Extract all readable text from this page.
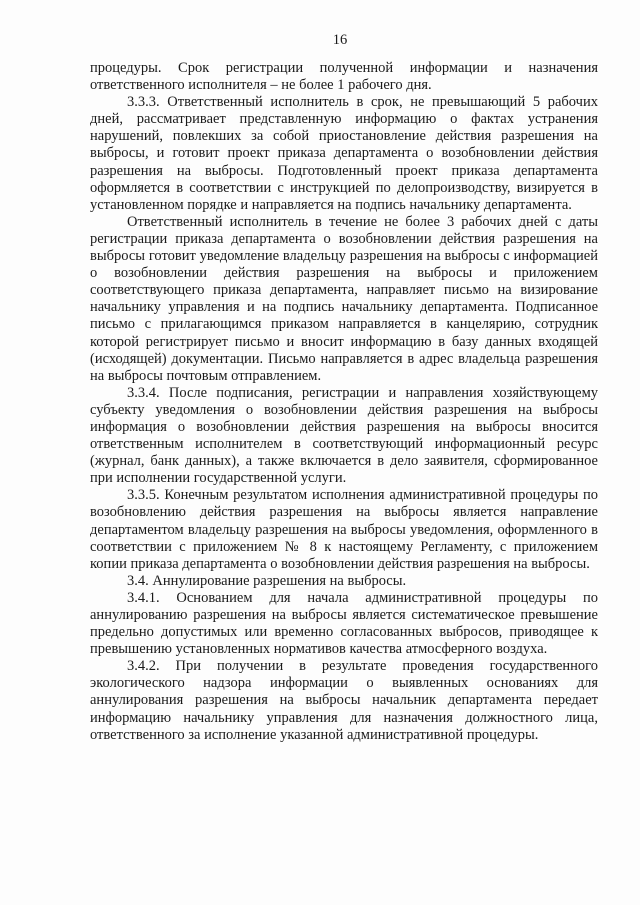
16

процедуры. Срок регистрации полученной информации и назначения ответственного исполнителя – не более 1 рабочего дня.

3.3.3. Ответственный исполнитель в срок, не превышающий 5 рабочих дней, рассматривает представленную информацию о фактах устранения нарушений, повлекших за собой приостановление действия разрешения на выбросы, и готовит проект приказа департамента о возобновлении действия разрешения на выбросы. Подготовленный проект приказа департамента оформляется в соответствии с инструкцией по делопроизводству, визируется в установленном порядке и направляется на подпись начальнику департамента.

Ответственный исполнитель в течение не более 3 рабочих дней с даты регистрации приказа департамента о возобновлении действия разрешения на выбросы готовит уведомление владельцу разрешения на выбросы с информацией о возобновлении действия разрешения на выбросы и приложением соответствующего приказа департамента, направляет письмо на визирование начальнику управления и на подпись начальнику департамента. Подписанное письмо с прилагающимся приказом направляется в канцелярию, сотрудник которой регистрирует письмо и вносит информацию в базу данных входящей (исходящей) документации. Письмо направляется в адрес владельца разрешения на выбросы почтовым отправлением.

3.3.4. После подписания, регистрации и направления хозяйствующему субъекту уведомления о возобновлении действия разрешения на выбросы информация о возобновлении действия разрешения на выбросы вносится ответственным исполнителем в соответствующий информационный ресурс (журнал, банк данных), а также включается в дело заявителя, сформированное при исполнении государственной услуги.

3.3.5. Конечным результатом исполнения административной процедуры по возобновлению действия разрешения на выбросы является направление департаментом владельцу разрешения на выбросы уведомления, оформленного в соответствии с приложением № 8 к настоящему Регламенту, с приложением копии приказа департамента о возобновлении действия разрешения на выбросы.

3.4. Аннулирование разрешения на выбросы.

3.4.1. Основанием для начала административной процедуры по аннулированию разрешения на выбросы является систематическое превышение предельно допустимых или временно согласованных выбросов, приводящее к превышению установленных нормативов качества атмосферного воздуха.

3.4.2. При получении в результате проведения государственного экологического надзора информации о выявленных основаниях для аннулирования разрешения на выбросы начальник департамента передает информацию начальнику управления для назначения должностного лица, ответственного за исполнение указанной административной процедуры.
